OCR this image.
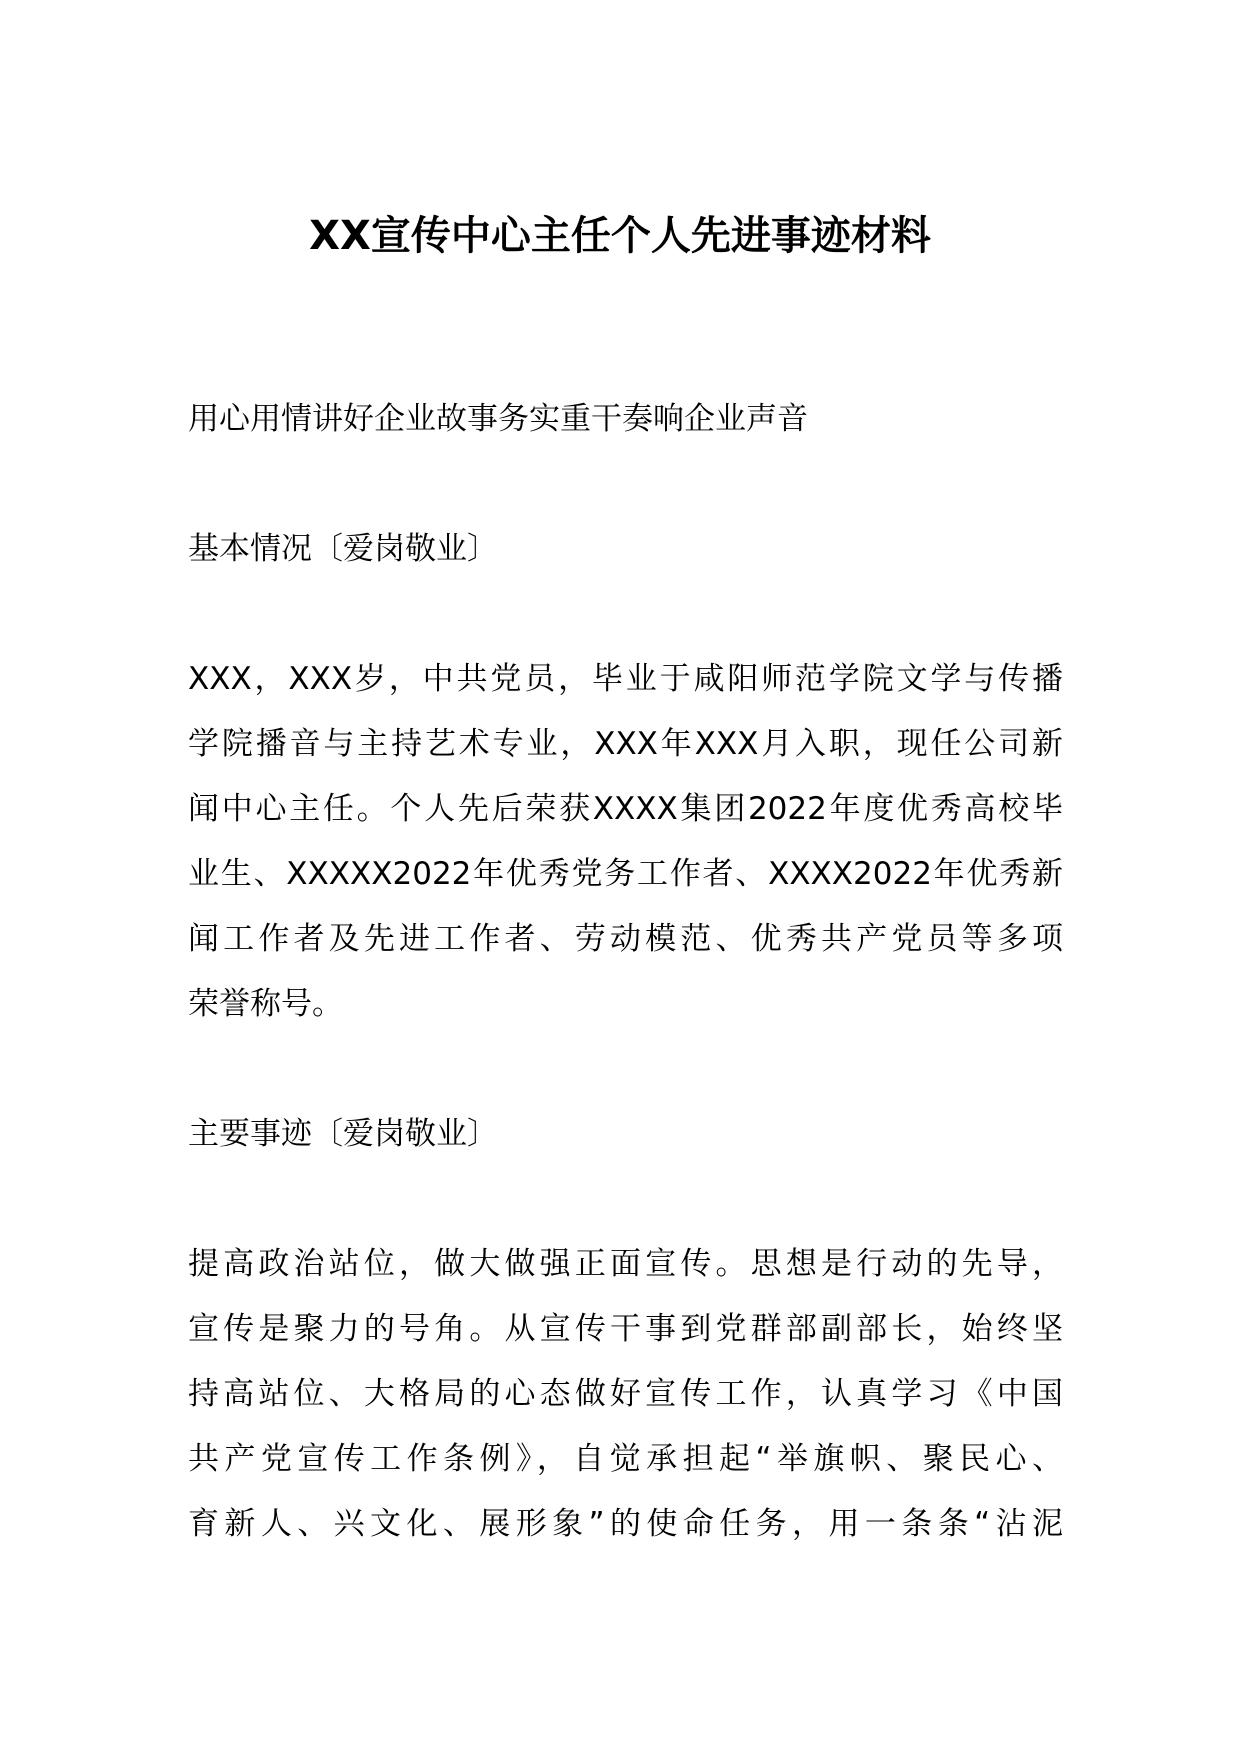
XX宣传中心主任个人先进事迹材料

用心用情讲好企业故事务实重干奏响企业声音

基本情况〔爱岗敬业〕

XXX，XXX岁，中共党员，毕业于咸阳师范学院文学与传播

学院播音与主持艺术专业，XXX年XXX月入职，现任公司新

闻中心主任。个人先后荣获XXXX集团2022年度优秀高校毕

业生、XXXXX2022年优秀党务工作者、XXXX2022年优秀新

闻工作者及先进工作者、劳动模范、优秀共产党员等多项

荣誉称号。

主要事迹〔爱岗敬业〕

提高政治站位，做大做强正面宣传。思想是行动的先导，

宣传是聚力的号角。从宣传干事到党群部副部长，始终坚

持高站位、大格局的心态做好宣传工作，认真学习《中国

共产党宣传工作条例》，自觉承担起“举旗帜、聚民心、

育新人、兴文化、展形象”的使命任务，用一条条“沾泥
